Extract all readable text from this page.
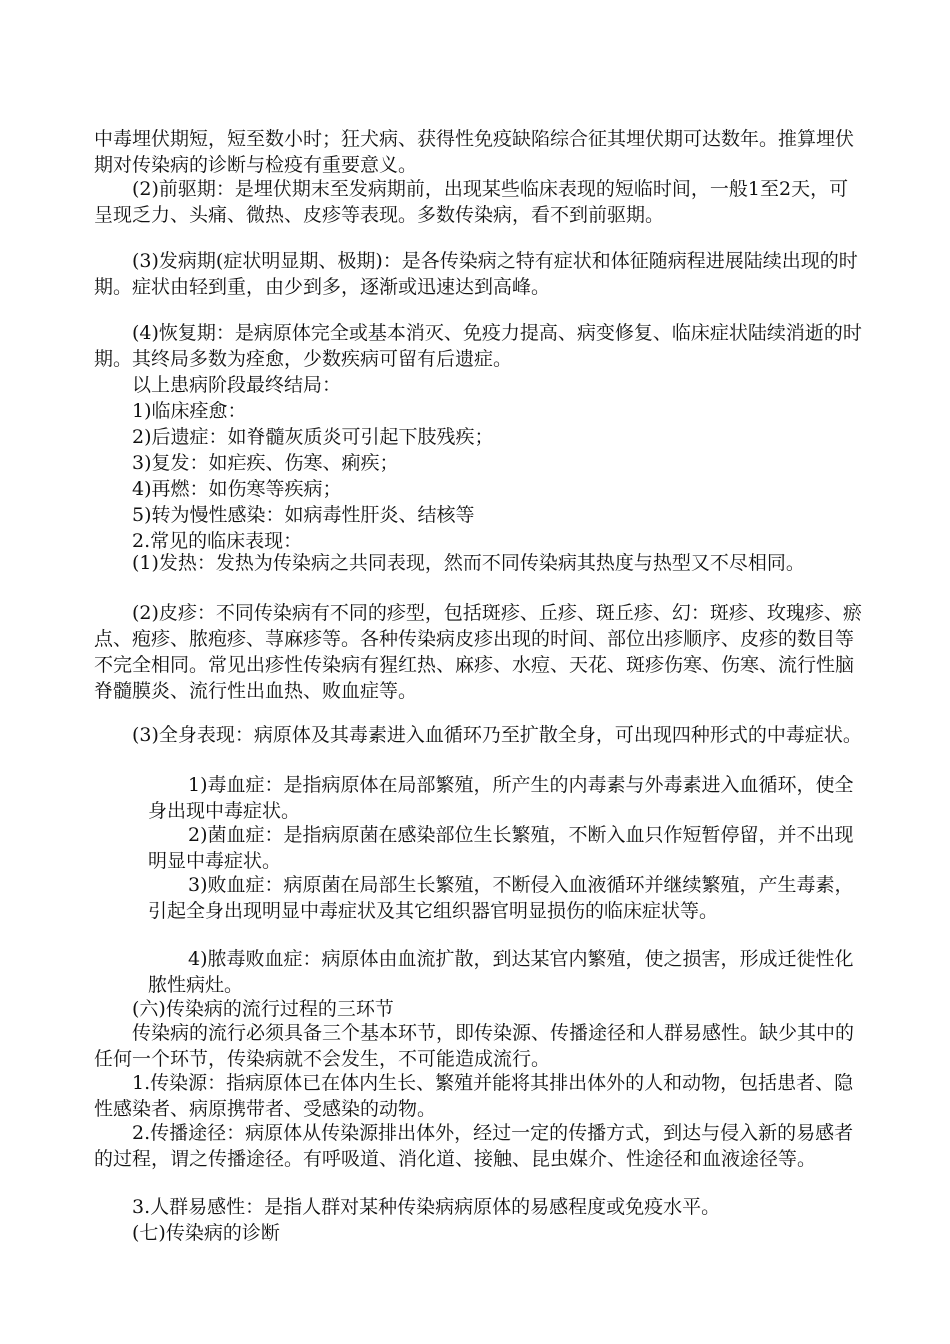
中毒埋伏期短，短至数小时；狂犬病、获得性免疫缺陷综合征其埋伏期可达数年。推算埋伏期对传染病的诊断与检疫有重要意义。

(2)前驱期：是埋伏期末至发病期前，出现某些临床表现的短临时间，一般1至2天，可呈现乏力、头痛、微热、皮疹等表现。多数传染病，看不到前驱期。

(3)发病期(症状明显期、极期)：是各传染病之特有症状和体征随病程进展陆续出现的时期。症状由轻到重，由少到多，逐渐或迅速达到高峰。

(4)恢复期：是病原体完全或基本消灭、免疫力提高、病变修复、临床症状陆续消逝的时期。其终局多数为痊愈，少数疾病可留有后遗症。

以上患病阶段最终结局：

1)临床痊愈：

2)后遗症：如脊髓灰质炎可引起下肢残疾；

3)复发：如疟疾、伤寒、痢疾；

4)再燃：如伤寒等疾病；

5)转为慢性感染：如病毒性肝炎、结核等

2.常见的临床表现：

(1)发热：发热为传染病之共同表现，然而不同传染病其热度与热型又不尽相同。

(2)皮疹：不同传染病有不同的疹型，包括斑疹、丘疹、斑丘疹、幻：斑疹、玫瑰疹、瘀点、疱疹、脓疱疹、荨麻疹等。各种传染病皮疹出现的时间、部位出疹顺序、皮疹的数目等不完全相同。常见出疹性传染病有猩红热、麻疹、水痘、天花、斑疹伤寒、伤寒、流行性脑脊髓膜炎、流行性出血热、败血症等。

(3)全身表现：病原体及其毒素进入血循环乃至扩散全身，可出现四种形式的中毒症状。

1)毒血症：是指病原体在局部繁殖，所产生的内毒素与外毒素进入血循环，使全身出现中毒症状。

2)菌血症：是指病原菌在感染部位生长繁殖，不断入血只作短暂停留，并不出现明显中毒症状。

3)败血症：病原菌在局部生长繁殖，不断侵入血液循环并继续繁殖，产生毒素，引起全身出现明显中毒症状及其它组织器官明显损伤的临床症状等。

4)脓毒败血症：病原体由血流扩散，到达某官内繁殖，使之损害，形成迁徙性化脓性病灶。

(六)传染病的流行过程的三环节

传染病的流行必须具备三个基本环节，即传染源、传播途径和人群易感性。缺少其中的任何一个环节，传染病就不会发生，不可能造成流行。

1.传染源：指病原体已在体内生长、繁殖并能将其排出体外的人和动物，包括患者、隐性感染者、病原携带者、受感染的动物。

2.传播途径：病原体从传染源排出体外，经过一定的传播方式，到达与侵入新的易感者的过程，谓之传播途径。有呼吸道、消化道、接触、昆虫媒介、性途径和血液途径等。

3.人群易感性：是指人群对某种传染病病原体的易感程度或免疫水平。

(七)传染病的诊断
